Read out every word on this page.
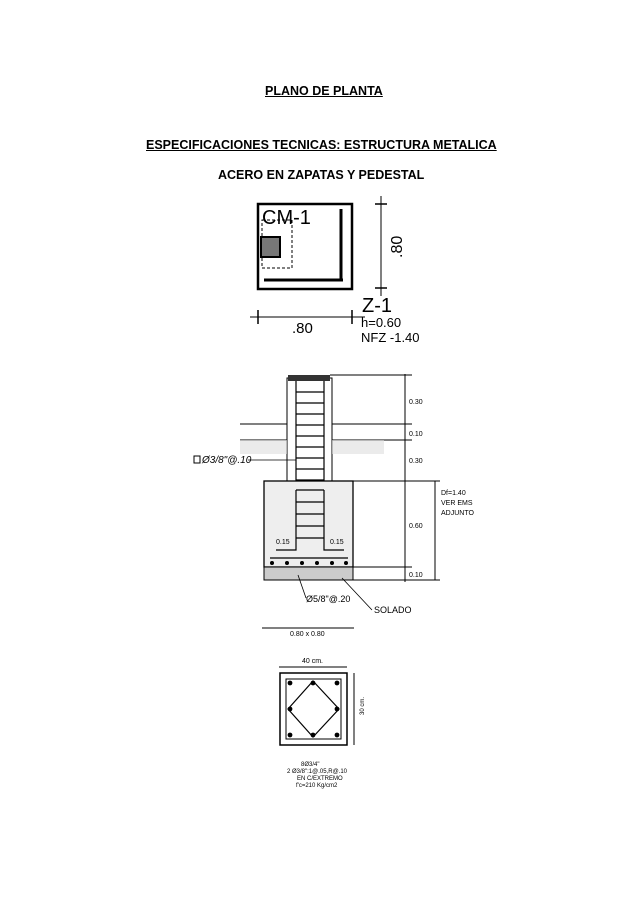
PLANO DE PLANTA
ESPECIFICACIONES TECNICAS: ESTRUCTURA METALICA
ACERO EN ZAPATAS Y PEDESTAL
CM-1
.80
.80
Z-1
h=0.60
NFZ -1.40
0.30
0.10
0.30
0.60
0.10
Df=1.40
VER EMS
ADJUNTO
Ø3/8"@.10
0.15	0.15
Ø5/8"@.20
SOLADO
0.80 x 0.80
40 cm.
30 cm.
8Ø3/4"
2 Ø3/8":1@.05,R@.10
EN C/EXTREMO
f'c=210 Kg/cm2
